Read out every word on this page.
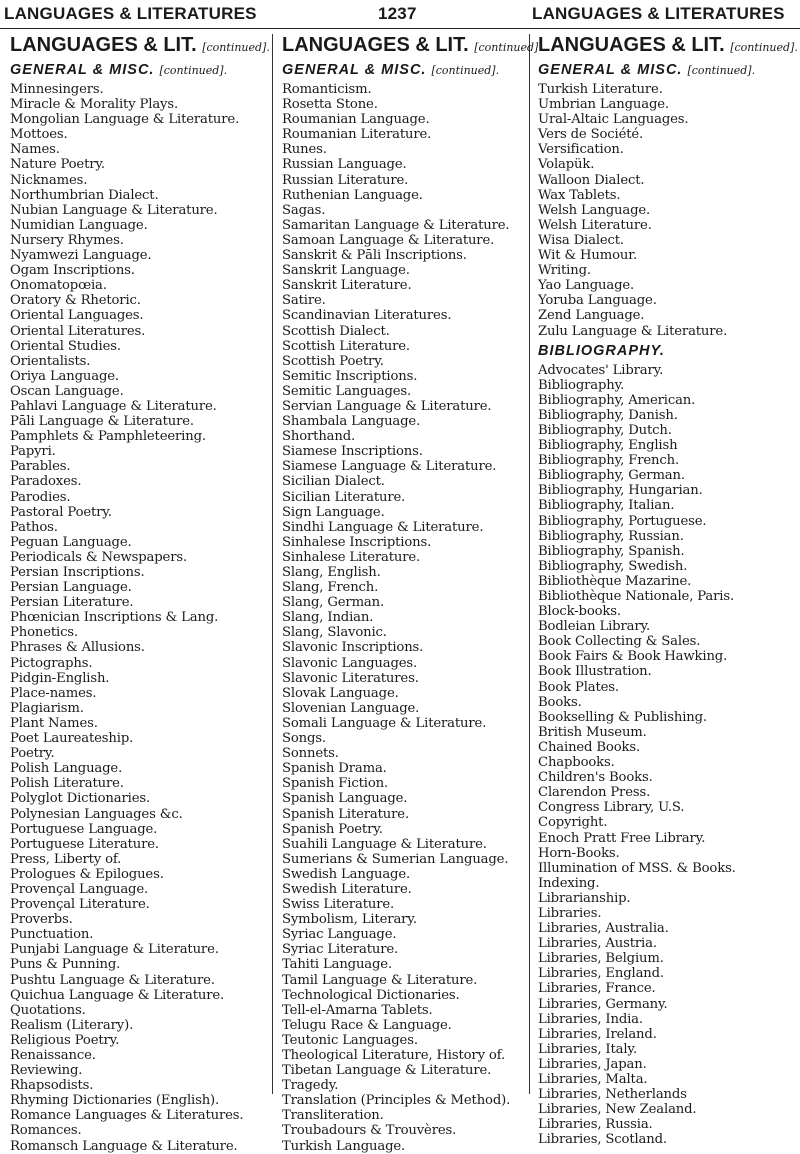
LANGUAGES & LITERATURES	1237	LANGUAGES & LITERATURES
LANGUAGES & LIT. [continued].
GENERAL & MISC. [continued].
Minnesingers.
Miracle & Morality Plays.
Mongolian Language & Literature.
Mottoes.
Names.
Nature Poetry.
Nicknames.
Northumbrian Dialect.
Nubian Language & Literature.
Numidian Language.
Nursery Rhymes.
Nyamwezi Language.
Ogam Inscriptions.
Onomatopœia.
Oratory & Rhetoric.
Oriental Languages.
Oriental Literatures.
Oriental Studies.
Orientalists.
Oriya Language.
Oscan Language.
Pahlavi Language & Literature.
Pāli Language & Literature.
Pamphlets & Pamphleteering.
Papyri.
Parables.
Paradoxes.
Parodies.
Pastoral Poetry.
Pathos.
Peguan Language.
Periodicals & Newspapers.
Persian Inscriptions.
Persian Language.
Persian Literature.
Phœnician Inscriptions & Lang.
Phonetics.
Phrases & Allusions.
Pictographs.
Pidgin-English.
Place-names.
Plagiarism.
Plant Names.
Poet Laureateship.
Poetry.
Polish Language.
Polish Literature.
Polyglot Dictionaries.
Polynesian Languages &c.
Portuguese Language.
Portuguese Literature.
Press, Liberty of.
Prologues & Epilogues.
Provençal Language.
Provençal Literature.
Proverbs.
Punctuation.
Punjabi Language & Literature.
Puns & Punning.
Pushtu Language & Literature.
Quichua Language & Literature.
Quotations.
Realism (Literary).
Religious Poetry.
Renaissance.
Reviewing.
Rhapsodists.
Rhyming Dictionaries (English).
Romance Languages & Literatures.
Romances.
Romansch Language & Literature.
LANGUAGES & LIT. [continued].
GENERAL & MISC. [continued].
Romanticism.
Rosetta Stone.
Roumanian Language.
Roumanian Literature.
Runes.
Russian Language.
Russian Literature.
Ruthenian Language.
Sagas.
Samaritan Language & Literature.
Samoan Language & Literature.
Sanskrit & Pāli Inscriptions.
Sanskrit Language.
Sanskrit Literature.
Satire.
Scandinavian Literatures.
Scottish Dialect.
Scottish Literature.
Scottish Poetry.
Semitic Inscriptions.
Semitic Languages.
Servian Language & Literature.
Shambala Language.
Shorthand.
Siamese Inscriptions.
Siamese Language & Literature.
Sicilian Dialect.
Sicilian Literature.
Sign Language.
Sindhi Language & Literature.
Sinhalese Inscriptions.
Sinhalese Literature.
Slang, English.
Slang, French.
Slang, German.
Slang, Indian.
Slang, Slavonic.
Slavonic Inscriptions.
Slavonic Languages.
Slavonic Literatures.
Slovak Language.
Slovenian Language.
Somali Language & Literature.
Songs.
Sonnets.
Spanish Drama.
Spanish Fiction.
Spanish Language.
Spanish Literature.
Spanish Poetry.
Suahili Language & Literature.
Sumerians & Sumerian Language.
Swedish Language.
Swedish Literature.
Swiss Literature.
Symbolism, Literary.
Syriac Language.
Syriac Literature.
Tahiti Language.
Tamil Language & Literature.
Technological Dictionaries.
Tell-el-Amarna Tablets.
Telugu Race & Language.
Teutonic Languages.
Theological Literature, History of.
Tibetan Language & Literature.
Tragedy.
Translation (Principles & Method).
Transliteration.
Troubadours & Trouvères.
Turkish Language.
LANGUAGES & LIT. [continued].
GENERAL & MISC. [continued].
Turkish Literature.
Umbrian Language.
Ural-Altaic Languages.
Vers de Société.
Versification.
Volapük.
Walloon Dialect.
Wax Tablets.
Welsh Language.
Welsh Literature.
Wisa Dialect.
Wit & Humour.
Writing.
Yao Language.
Yoruba Language.
Zend Language.
Zulu Language & Literature.
BIBLIOGRAPHY.
Advocates' Library.
Bibliography.
Bibliography, American.
Bibliography, Danish.
Bibliography, Dutch.
Bibliography, English
Bibliography, French.
Bibliography, German.
Bibliography, Hungarian.
Bibliography, Italian.
Bibliography, Portuguese.
Bibliography, Russian.
Bibliography, Spanish.
Bibliography, Swedish.
Bibliothèque Mazarine.
Bibliothèque Nationale, Paris.
Block-books.
Bodleian Library.
Book Collecting & Sales.
Book Fairs & Book Hawking.
Book Illustration.
Book Plates.
Books.
Bookselling & Publishing.
British Museum.
Chained Books.
Chapbooks.
Children's Books.
Clarendon Press.
Congress Library, U.S.
Copyright.
Enoch Pratt Free Library.
Horn-Books.
Illumination of MSS. & Books.
Indexing.
Librarianship.
Libraries.
Libraries, Australia.
Libraries, Austria.
Libraries, Belgium.
Libraries, England.
Libraries, France.
Libraries, Germany.
Libraries, India.
Libraries, Ireland.
Libraries, Italy.
Libraries, Japan.
Libraries, Malta.
Libraries, Netherlands
Libraries, New Zealand.
Libraries, Russia.
Libraries, Scotland.
